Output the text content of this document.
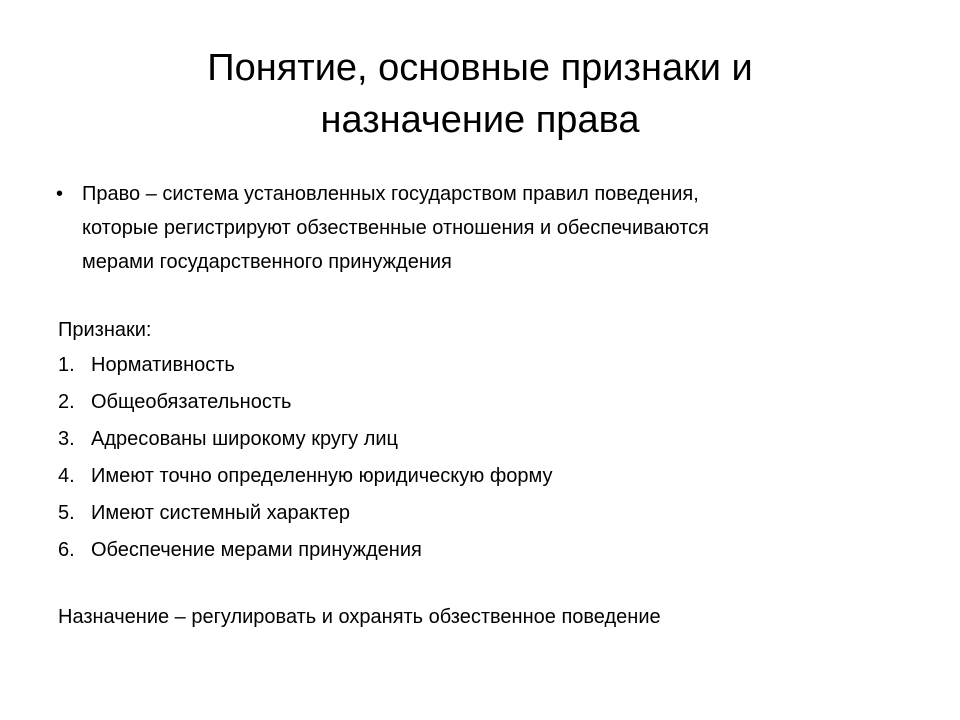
Понятие, основные признаки и
назначение права
• Право – система установленных государством правил поведения,
которые регистрируют обзественные отношения и обеспечиваются
мерами государственного принуждения
Признаки:
1. Нормативность
2. Общеобязательность
3. Адресованы широкому кругу лиц
4. Имеют точно определенную юридическую форму
5. Имеют системный характер
6. Обеспечение мерами принуждения
Назначение – регулировать и охранять обзественное поведение
